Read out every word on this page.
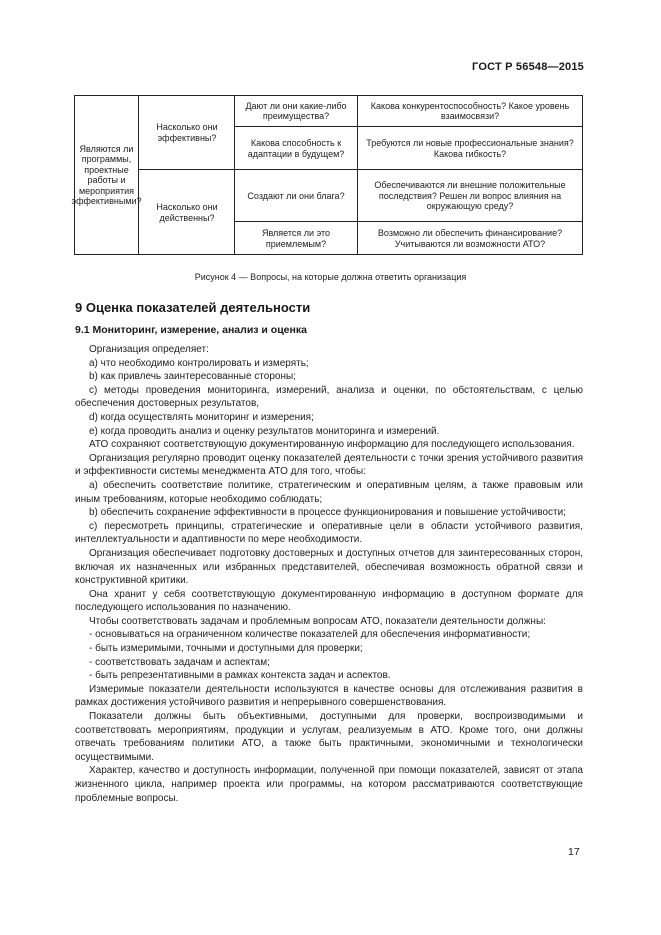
ГОСТ Р 56548—2015
Являются ли программы, проектные работы и мероприятия эффективными?
Насколько они эффективны?
Насколько они действенны?
Дают ли они какие-либо преимущества?
Какова способность к адаптации в будущем?
Создают ли они блага?
Является ли это приемлемым?
Какова конкурентоспособность? Какое уровень взаимосвязи?
Требуются ли новые профессиональные знания? Какова гибкость?
Обеспечиваются ли внешние положительные последствия? Решен ли вопрос влияния на окружающую среду?
Возможно ли обеспечить финансирование? Учитываются ли возможности АТО?
Рисунок 4 — Вопросы, на которые должна ответить организация
9 Оценка показателей деятельности
9.1 Мониторинг, измерение, анализ и оценка

Организация определяет:

a) что необходимо контролировать и измерять;

b) как привлечь заинтересованные стороны;

c) методы проведения мониторинга, измерений, анализа и оценки, по обстоятельствам, с целью обеспечения достоверных результатов,

d) когда осуществлять мониторинг и измерения;

e) когда проводить анализ и оценку результатов мониторинга и измерений.

АТО сохраняют соответствующую документированную информацию для последующего использования.

Организация регулярно проводит оценку показателей деятельности с точки зрения устойчивого развития и эффективности системы менеджмента АТО для того, чтобы:

a) обеспечить соответствие политике, стратегическим и оперативным целям, а также правовым или иным требованиям, которые необходимо соблюдать;

b) обеспечить сохранение эффективности в процессе функционирования и повышение устойчивости;

c) пересмотреть принципы, стратегические и оперативные цели в области устойчивого развития, интеллектуальности и адаптивности по мере необходимости.

Организация обеспечивает подготовку достоверных и доступных отчетов для заинтересованных сторон, включая их назначенных или избранных представителей, обеспечивая возможность обратной связи и конструктивной критики.

Она хранит у себя соответствующую документированную информацию в доступном формате для последующего использования по назначению.

Чтобы соответствовать задачам и проблемным вопросам АТО, показатели деятельности должны:

- основываться на ограниченном количестве показателей для обеспечения информативности;

- быть измеримыми, точными и доступными для проверки;

- соответствовать задачам и аспектам;

- быть репрезентативными в рамках контекста задач и аспектов.

Измеримые показатели деятельности используются в качестве основы для отслеживания развития в рамках достижения устойчивого развития и непрерывного совершенствования.

Показатели должны быть объективными, доступными для проверки, воспроизводимыми и соответствовать мероприятиям, продукции и услугам, реализуемым в АТО. Кроме того, они должны отвечать требованиям политики АТО, а также быть практичными, экономичными и технологически осуществимыми.

Характер, качество и доступность информации, полученной при помощи показателей, зависят от этапа жизненного цикла, например проекта или программы, на котором рассматриваются соответствующие проблемные вопросы.

17
